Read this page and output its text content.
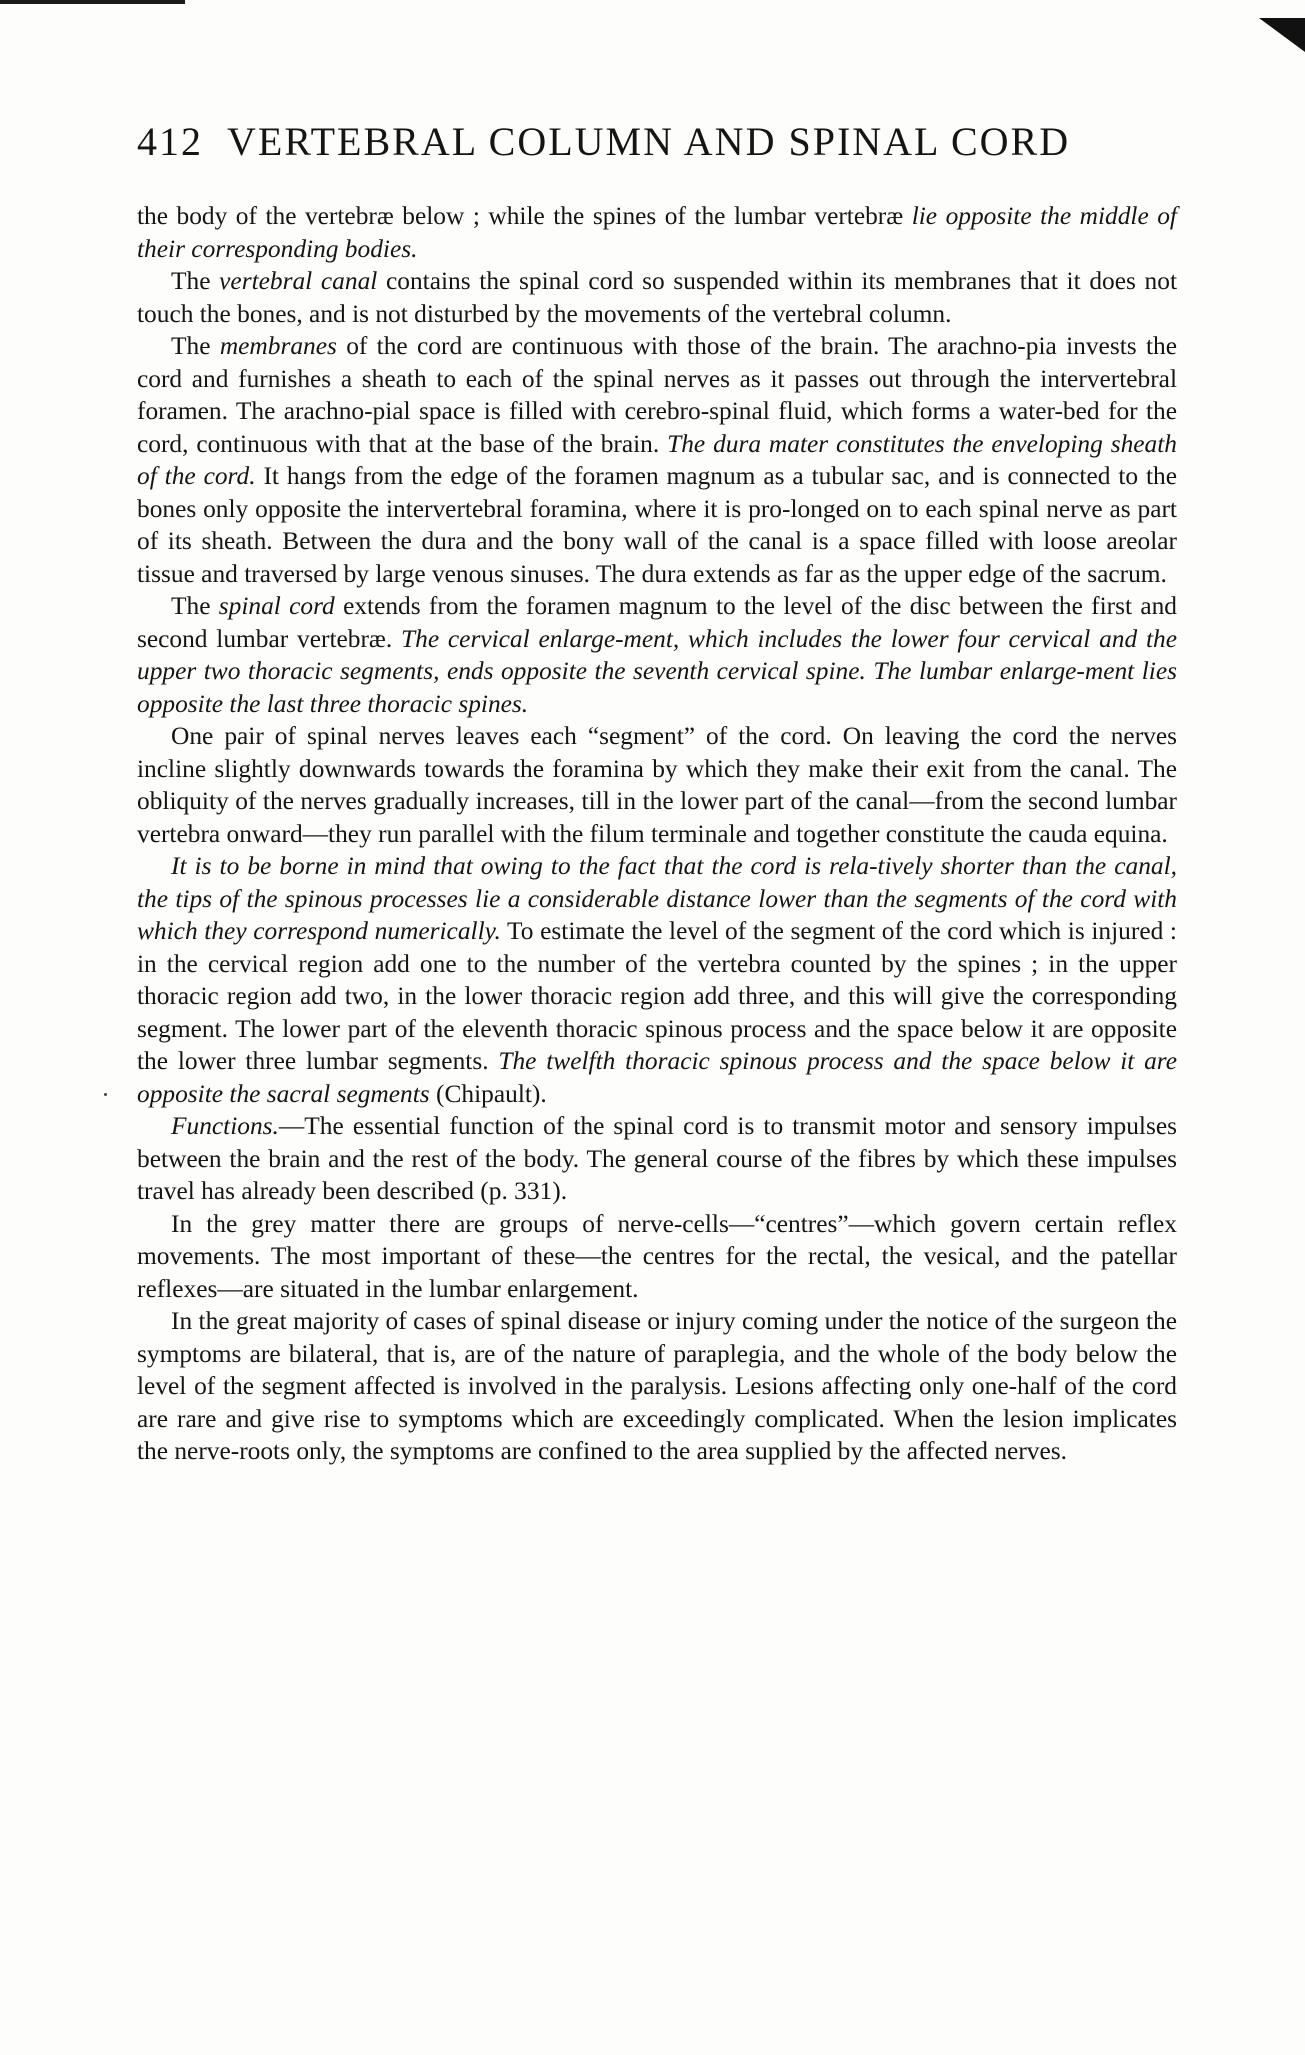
412 VERTEBRAL COLUMN AND SPINAL CORD

the body of the vertebræ below ; while the spines of the lumbar vertebræ lie opposite the middle of their corresponding bodies.

The vertebral canal contains the spinal cord so suspended within its membranes that it does not touch the bones, and is not disturbed by the movements of the vertebral column.

The membranes of the cord are continuous with those of the brain. The arachno-pia invests the cord and furnishes a sheath to each of the spinal nerves as it passes out through the intervertebral foramen. The arachno-pial space is filled with cerebro-spinal fluid, which forms a water-bed for the cord, continuous with that at the base of the brain. The dura mater constitutes the enveloping sheath of the cord. It hangs from the edge of the foramen magnum as a tubular sac, and is connected to the bones only opposite the intervertebral foramina, where it is pro-longed on to each spinal nerve as part of its sheath. Between the dura and the bony wall of the canal is a space filled with loose areolar tissue and traversed by large venous sinuses. The dura extends as far as the upper edge of the sacrum.

The spinal cord extends from the foramen magnum to the level of the disc between the first and second lumbar vertebræ. The cervical enlarge-ment, which includes the lower four cervical and the upper two thoracic segments, ends opposite the seventh cervical spine. The lumbar enlarge-ment lies opposite the last three thoracic spines.

One pair of spinal nerves leaves each “segment” of the cord. On leaving the cord the nerves incline slightly downwards towards the foramina by which they make their exit from the canal. The obliquity of the nerves gradually increases, till in the lower part of the canal—from the second lumbar vertebra onward—they run parallel with the filum terminale and together constitute the cauda equina.

It is to be borne in mind that owing to the fact that the cord is rela-tively shorter than the canal, the tips of the spinous processes lie a considerable distance lower than the segments of the cord with which they correspond numerically. To estimate the level of the segment of the cord which is injured : in the cervical region add one to the number of the vertebra counted by the spines ; in the upper thoracic region add two, in the lower thoracic region add three, and this will give the corresponding segment. The lower part of the eleventh thoracic spinous process and the space below it are opposite the lower three lumbar segments. The twelfth thoracic spinous process and the space below it are opposite the sacral segments (Chipault).

Functions.—The essential function of the spinal cord is to transmit motor and sensory impulses between the brain and the rest of the body. The general course of the fibres by which these impulses travel has already been described (p. 331).

In the grey matter there are groups of nerve-cells—“centres”—which govern certain reflex movements. The most important of these—the centres for the rectal, the vesical, and the patellar reflexes—are situated in the lumbar enlargement.

In the great majority of cases of spinal disease or injury coming under the notice of the surgeon the symptoms are bilateral, that is, are of the nature of paraplegia, and the whole of the body below the level of the segment affected is involved in the paralysis. Lesions affecting only one-half of the cord are rare and give rise to symptoms which are exceedingly complicated. When the lesion implicates the nerve-roots only, the symptoms are confined to the area supplied by the affected nerves.
